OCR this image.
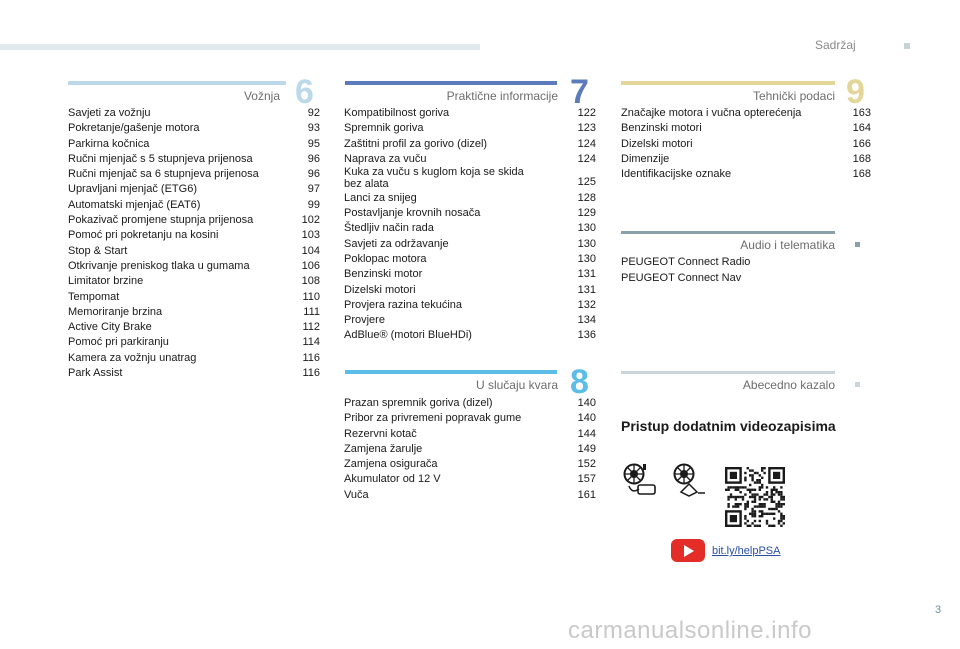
Sadržaj
Vožnja 6
Savjeti za vožnju	92
Pokretanje/gašenje motora	93
Parkirna kočnica	95
Ručni mjenjač s 5 stupnjeva prijenosa	96
Ručni mjenjač sa 6 stupnjeva prijenosa	96
Upravljani mjenjač (ETG6)	97
Automatski mjenjač (EAT6)	99
Pokazivač promjene stupnja prijenosa	102
Pomoć pri pokretanju na kosini	103
Stop & Start	104
Otkrivanje preniskog tlaka u gumama	106
Limitator brzine	108
Tempomat	110
Memoriranje brzina	111
Active City Brake	112
Pomoć pri parkiranju	114
Kamera za vožnju unatrag	116
Park Assist	116
Praktične informacije 7
Kompatibilnost goriva	122
Spremnik goriva	123
Zaštitni profil za gorivo (dizel)	124
Naprava za vuču	124
Kuka za vuču s kuglom koja se skida bez alata	125
Lanci za snijeg	128
Postavljanje krovnih nosača	129
Štedljiv način rada	130
Savjeti za održavanje	130
Poklopac motora	130
Benzinski motor	131
Dizelski motori	131
Provjera razina tekućina	132
Provjere	134
AdBlue® (motori BlueHDi)	136
U slučaju kvara 8
Prazan spremnik goriva (dizel)	140
Pribor za privremeni popravak gume	140
Rezervni kotač	144
Zamjena žarulje	149
Zamjena osigurača	152
Akumulator od 12 V	157
Vuča	161
Tehnički podaci 9
Značajke motora i vučna opterećenja	163
Benzinski motori	164
Dizelski motori	166
Dimenzije	168
Identifikacijske oznake	168
Audio i telematika
PEUGEOT Connect Radio
PEUGEOT Connect Nav
Abecedno kazalo
Pristup dodatnim videozapisima
bit.ly/helpPSA
3
carmanualsonline.info
